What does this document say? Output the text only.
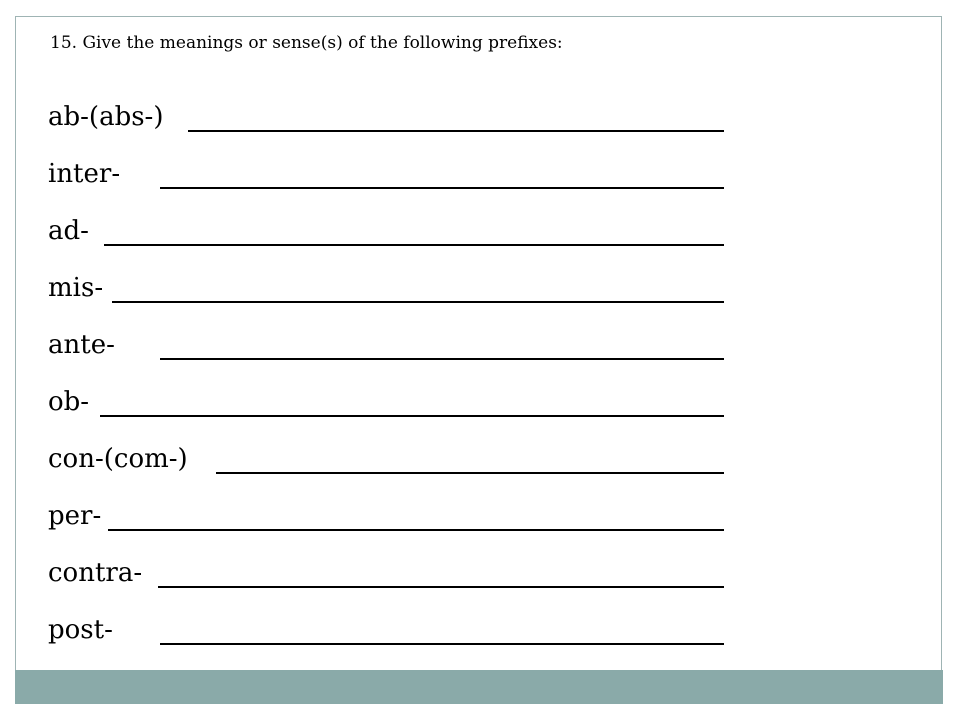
15. Give the meanings or sense(s) of the following prefixes:
ab-(abs-)
inter-
ad-
mis-
ante-
ob-
con-(com-)
per-
contra-
post-
